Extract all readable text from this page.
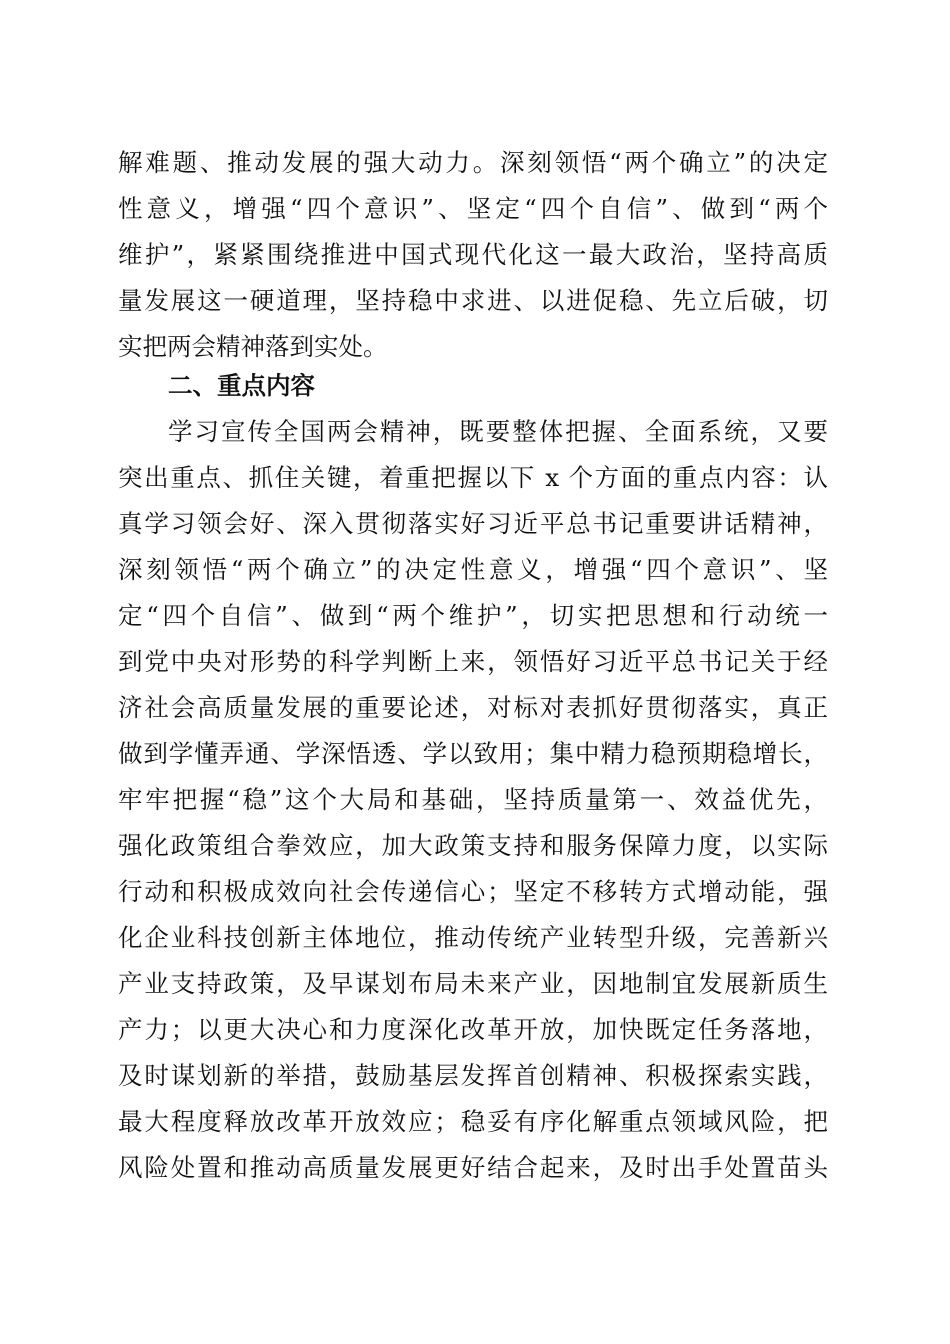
解难题、推动发展的强大动力。深刻领悟“两个确立”的决定
性意义，增强“四个意识”、坚定“四个自信”、做到“两个
维护”，紧紧围绕推进中国式现代化这一最大政治，坚持高质
量发展这一硬道理，坚持稳中求进、以进促稳、先立后破，切
实把两会精神落到实处。
二、重点内容
学习宣传全国两会精神，既要整体把握、全面系统，又要
突出重点、抓住关键，着重把握以下 x 个方面的重点内容：认
真学习领会好、深入贯彻落实好习近平总书记重要讲话精神，
深刻领悟“两个确立”的决定性意义，增强“四个意识”、坚
定“四个自信”、做到“两个维护”，切实把思想和行动统一
到党中央对形势的科学判断上来，领悟好习近平总书记关于经
济社会高质量发展的重要论述，对标对表抓好贯彻落实，真正
做到学懂弄通、学深悟透、学以致用；集中精力稳预期稳增长，
牢牢把握“稳”这个大局和基础，坚持质量第一、效益优先，
强化政策组合拳效应，加大政策支持和服务保障力度，以实际
行动和积极成效向社会传递信心；坚定不移转方式增动能，强
化企业科技创新主体地位，推动传统产业转型升级，完善新兴
产业支持政策，及早谋划布局未来产业，因地制宜发展新质生
产力；以更大决心和力度深化改革开放，加快既定任务落地，
及时谋划新的举措，鼓励基层发挥首创精神、积极探索实践，
最大程度释放改革开放效应；稳妥有序化解重点领域风险，把
风险处置和推动高质量发展更好结合起来，及时出手处置苗头
